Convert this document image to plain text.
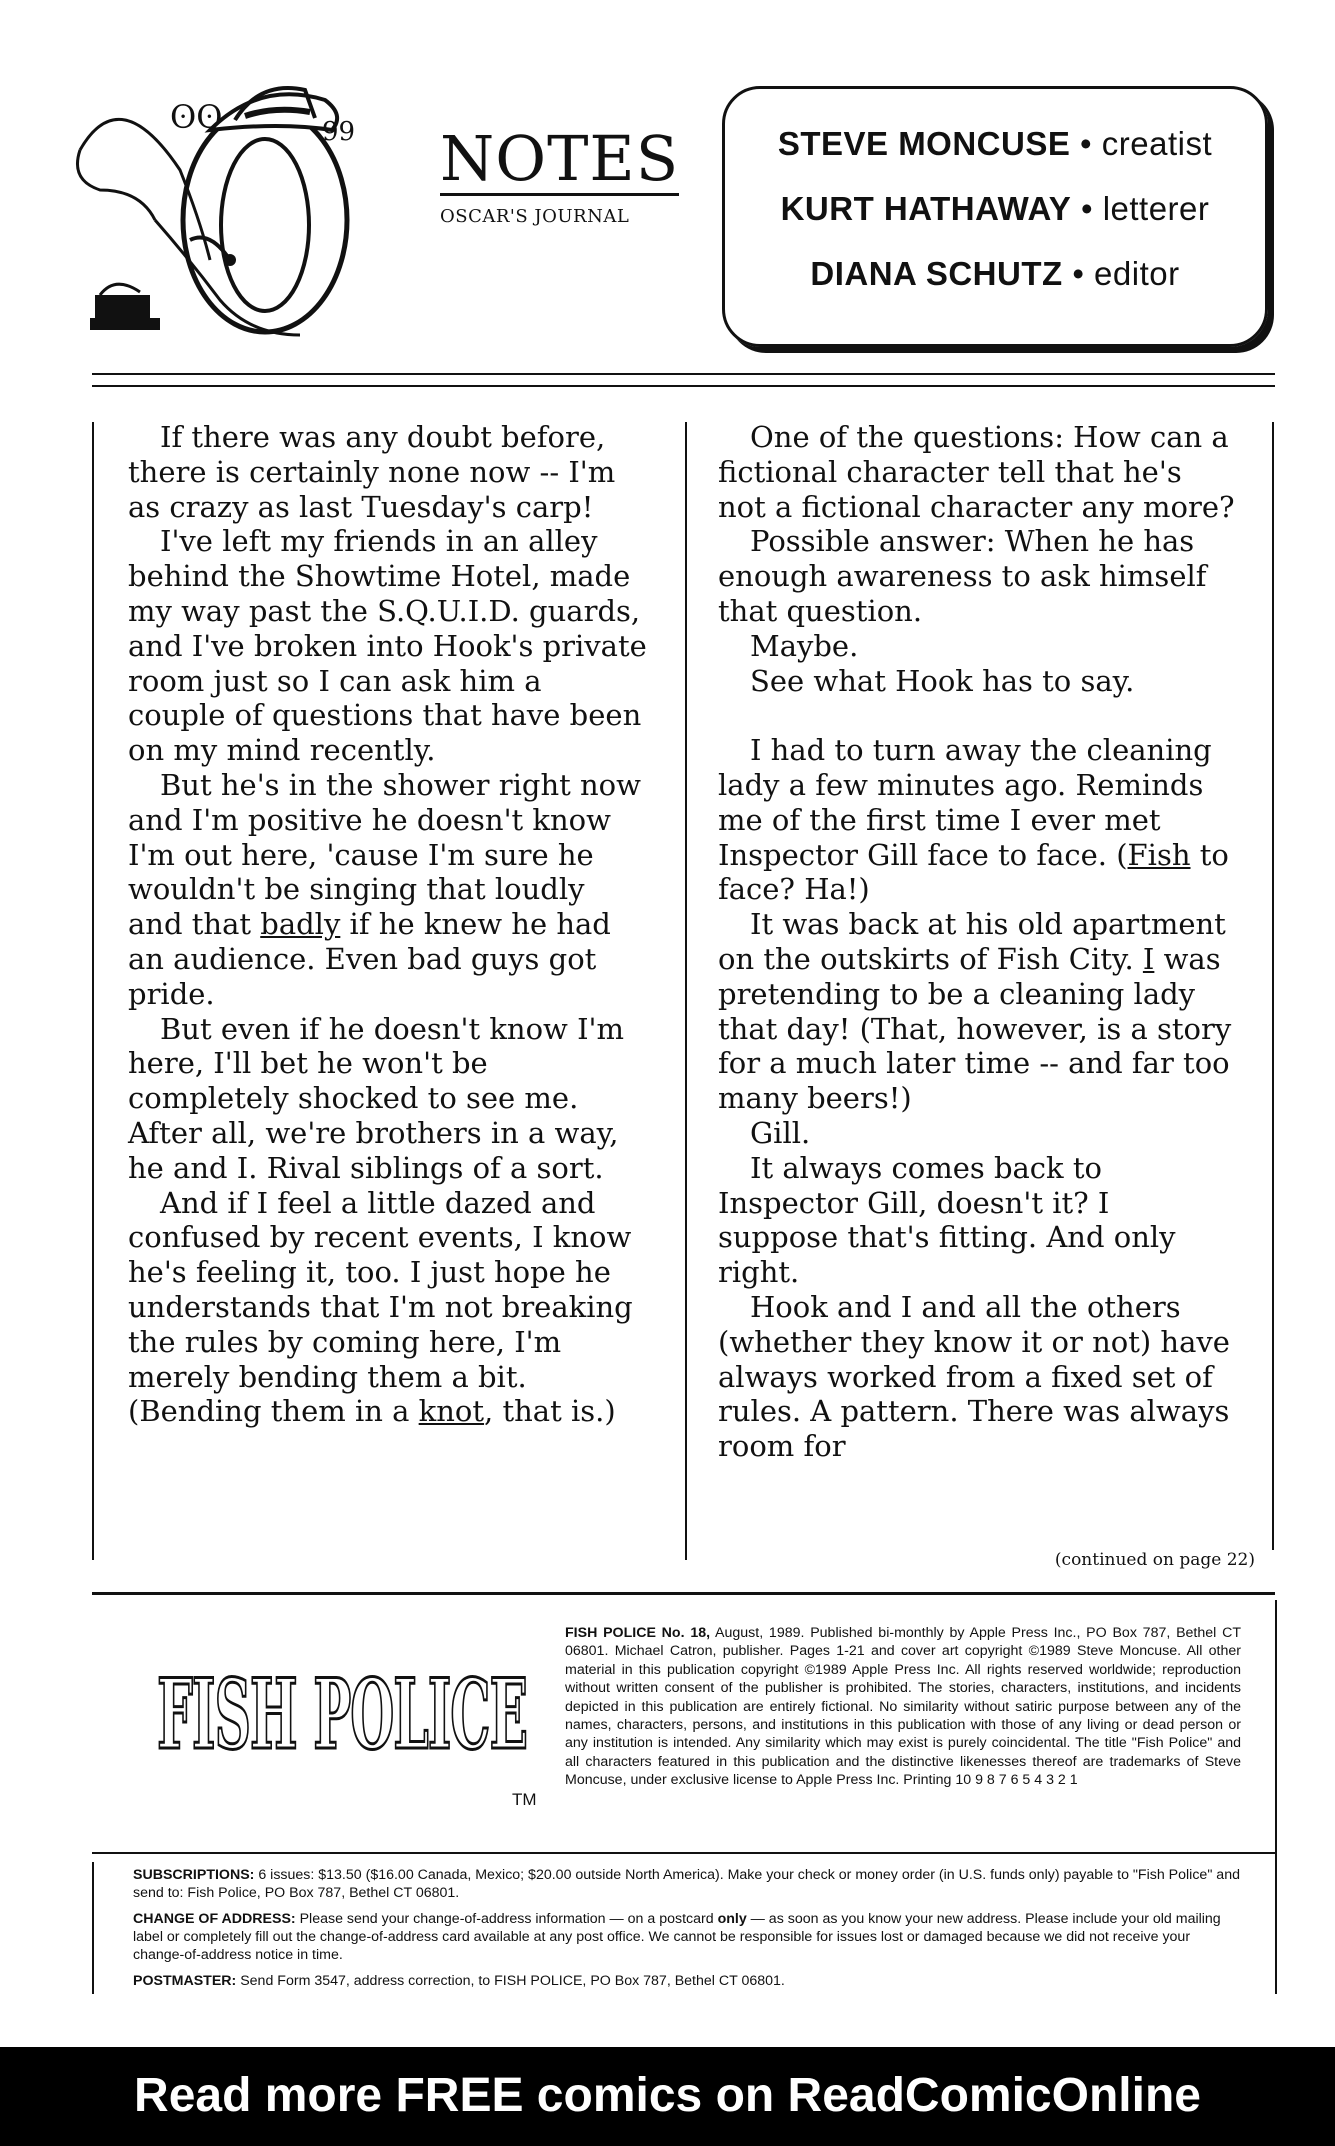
ʘʘ	99 NOTES
OSCAR'S JOURNAL
STEVE MONCUSE • creatist
KURT HATHAWAY • letterer
DIANA SCHUTZ • editor

If there was any doubt before, there is certainly none now -- I'm as crazy as last Tuesday's carp!

I've left my friends in an alley behind the Showtime Hotel, made my way past the S.Q.U.I.D. guards, and I've broken into Hook's private room just so I can ask him a couple of questions that have been on my mind recently.

But he's in the shower right now and I'm positive he doesn't know I'm out here, 'cause I'm sure he wouldn't be singing that loudly and that badly if he knew he had an audience. Even bad guys got pride.

But even if he doesn't know I'm here, I'll bet he won't be completely shocked to see me. After all, we're brothers in a way, he and I. Rival siblings of a sort.

And if I feel a little dazed and confused by recent events, I know he's feeling it, too. I just hope he understands that I'm not breaking the rules by coming here, I'm merely bending them a bit. (Bending them in a knot, that is.)

One of the questions: How can a fictional character tell that he's not a fictional character any more?

Possible answer: When he has enough awareness to ask himself that question.

Maybe.

See what Hook has to say.

I had to turn away the cleaning lady a few minutes ago. Reminds me of the first time I ever met Inspector Gill face to face. (Fish to face? Ha!)

It was back at his old apartment on the outskirts of Fish City. I was pretending to be a cleaning lady that day! (That, however, is a story for a much later time -- and far too many beers!)

Gill.

It always comes back to Inspector Gill, doesn't it? I suppose that's fitting. And only right.

Hook and I and all the others (whether they know it or not) have always worked from a fixed set of rules. A pattern. There was always room for

(continued on page 22)
FISH POLICE
TM
FISH POLICE No. 18, August, 1989. Published bi-monthly by Apple Press Inc., PO Box 787, Bethel CT 06801. Michael Catron, publisher. Pages 1-21 and cover art copyright ©1989 Steve Moncuse. All other material in this publication copyright ©1989 Apple Press Inc. All rights reserved worldwide; reproduction without written consent of the publisher is prohibited. The stories, characters, institutions, and incidents depicted in this publication are entirely fictional. No similarity without satiric purpose between any of the names, characters, persons, and institutions in this publication with those of any living or dead person or any institution is intended. Any similarity which may exist is purely coincidental. The title "Fish Police" and all characters featured in this publication and the distinctive likenesses thereof are trademarks of Steve Moncuse, under exclusive license to Apple Press Inc. Printing 10 9 8 7 6 5 4 3 2 1
SUBSCRIPTIONS: 6 issues: $13.50 ($16.00 Canada, Mexico; $20.00 outside North America). Make your check or money order (in U.S. funds only) payable to "Fish Police" and send to: Fish Police, PO Box 787, Bethel CT 06801.
CHANGE OF ADDRESS: Please send your change-of-address information — on a postcard only — as soon as you know your new address. Please include your old mailing label or completely fill out the change-of-address card available at any post office. We cannot be responsible for issues lost or damaged because we did not receive your change-of-address notice in time.
POSTMASTER: Send Form 3547, address correction, to FISH POLICE, PO Box 787, Bethel CT 06801.
Read more FREE comics on ReadComicOnline
